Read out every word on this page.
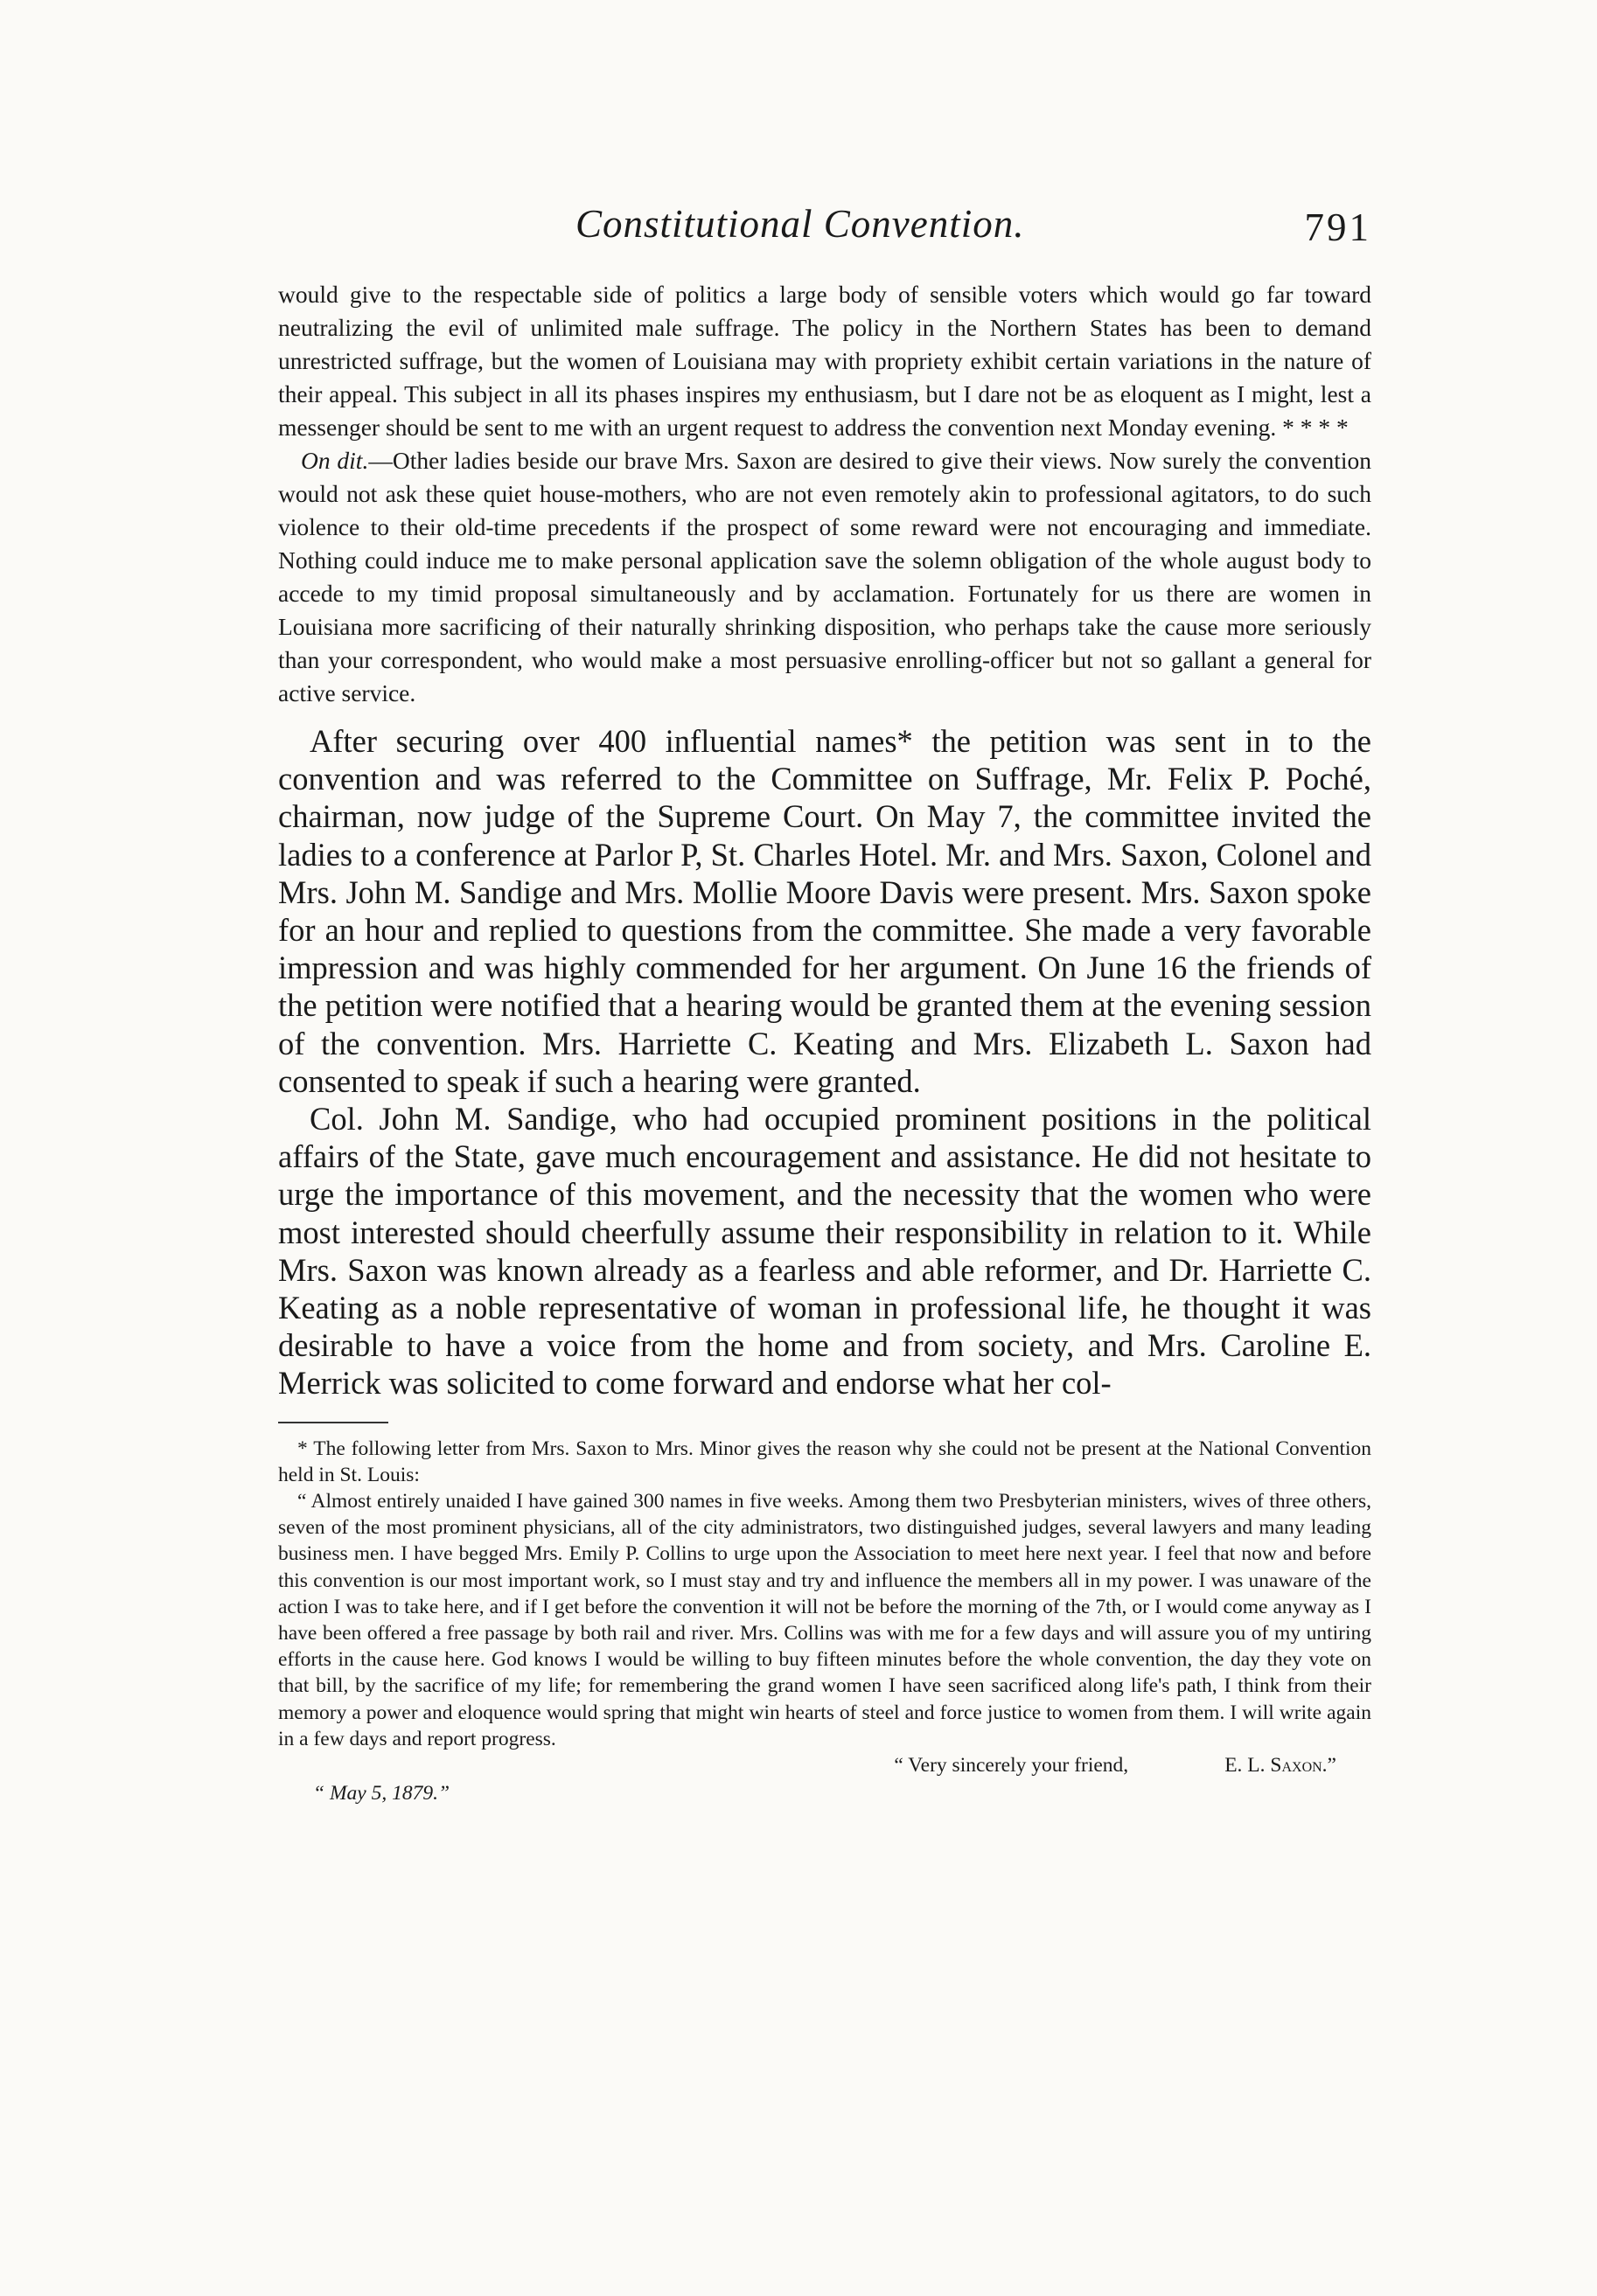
Constitutional Convention.	791

would give to the respectable side of politics a large body of sensible voters which would go far toward neutralizing the evil of unlimited male suffrage. The policy in the Northern States has been to demand unrestricted suffrage, but the women of Louisiana may with propriety exhibit certain variations in the nature of their appeal. This subject in all its phases inspires my enthusiasm, but I dare not be as eloquent as I might, lest a messenger should be sent to me with an urgent request to address the convention next Monday evening. * * * *

On dit.—Other ladies beside our brave Mrs. Saxon are desired to give their views. Now surely the convention would not ask these quiet house-mothers, who are not even remotely akin to professional agitators, to do such violence to their old-time precedents if the prospect of some reward were not encouraging and immediate. Nothing could induce me to make personal application save the solemn obligation of the whole august body to accede to my timid proposal simultaneously and by acclamation. Fortunately for us there are women in Louisiana more sacrificing of their naturally shrinking disposition, who perhaps take the cause more seriously than your correspondent, who would make a most persuasive enrolling-officer but not so gallant a general for active service.

After securing over 400 influential names* the petition was sent in to the convention and was referred to the Committee on Suffrage, Mr. Felix P. Poché, chairman, now judge of the Supreme Court. On May 7, the committee invited the ladies to a conference at Parlor P, St. Charles Hotel. Mr. and Mrs. Saxon, Colonel and Mrs. John M. Sandige and Mrs. Mollie Moore Davis were present. Mrs. Saxon spoke for an hour and replied to questions from the committee. She made a very favorable impression and was highly commended for her argument. On June 16 the friends of the petition were notified that a hearing would be granted them at the evening session of the convention. Mrs. Harriette C. Keating and Mrs. Elizabeth L. Saxon had consented to speak if such a hearing were granted.

Col. John M. Sandige, who had occupied prominent positions in the political affairs of the State, gave much encouragement and assistance. He did not hesitate to urge the importance of this movement, and the necessity that the women who were most interested should cheerfully assume their responsibility in relation to it. While Mrs. Saxon was known already as a fearless and able reformer, and Dr. Harriette C. Keating as a noble representative of woman in professional life, he thought it was desirable to have a voice from the home and from society, and Mrs. Caroline E. Merrick was solicited to come forward and endorse what her col-

* The following letter from Mrs. Saxon to Mrs. Minor gives the reason why she could not be present at the National Convention held in St. Louis:

“ Almost entirely unaided I have gained 300 names in five weeks. Among them two Presbyterian ministers, wives of three others, seven of the most prominent physicians, all of the city administrators, two distinguished judges, several lawyers and many leading business men. I have begged Mrs. Emily P. Collins to urge upon the Association to meet here next year. I feel that now and before this convention is our most important work, so I must stay and try and influence the members all in my power. I was unaware of the action I was to take here, and if I get before the convention it will not be before the morning of the 7th, or I would come anyway as I have been offered a free passage by both rail and river. Mrs. Collins was with me for a few days and will assure you of my untiring efforts in the cause here. God knows I would be willing to buy fifteen minutes before the whole convention, the day they vote on that bill, by the sacrifice of my life; for remembering the grand women I have seen sacrificed along life's path, I think from their memory a power and eloquence would spring that might win hearts of steel and force justice to women from them. I will write again in a few days and report progress.

“ Very sincerely your friend,	E. L. Saxon.”
“ May 5, 1879.”
